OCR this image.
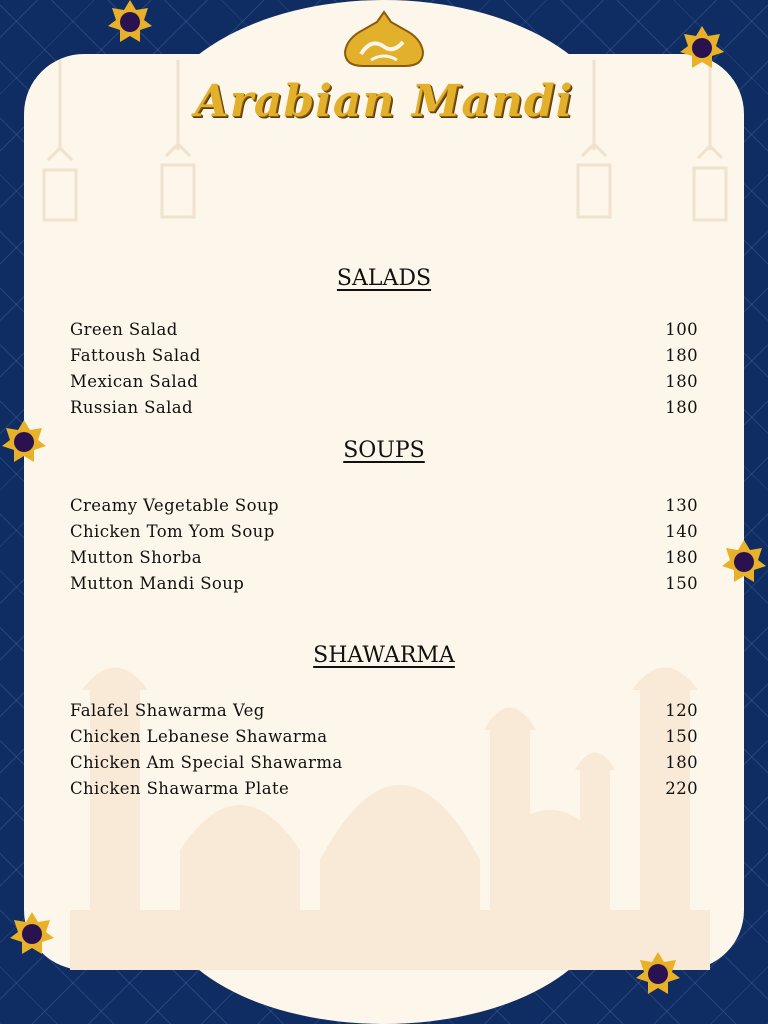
Arabian Mandi
SALADS
Green Salad	100
Fattoush Salad	180
Mexican Salad	180
Russian Salad	180
SOUPS
Creamy Vegetable Soup	130
Chicken Tom Yom Soup	140
Mutton Shorba	180
Mutton Mandi Soup	150
SHAWARMA
Falafel Shawarma Veg	120
Chicken Lebanese Shawarma	150
Chicken Am Special Shawarma	180
Chicken Shawarma Plate	220
